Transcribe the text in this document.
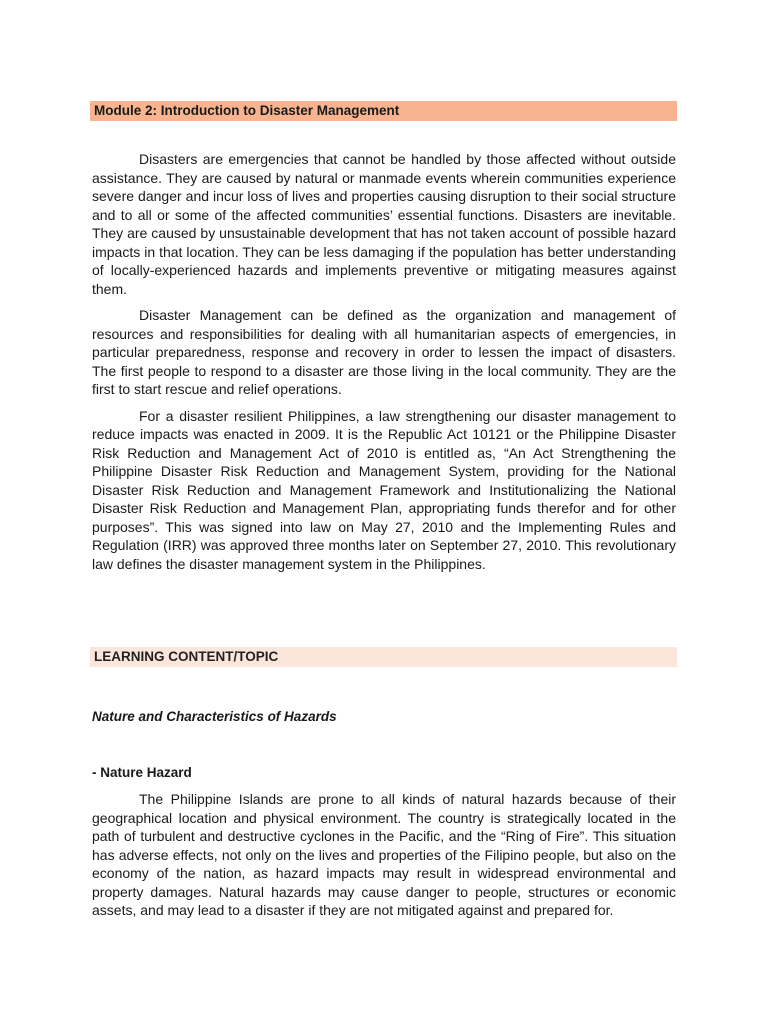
Module 2: Introduction to Disaster Management

Disasters are emergencies that cannot be handled by those affected without outside assistance. They are caused by natural or manmade events wherein communities experience severe danger and incur loss of lives and properties causing disruption to their social structure and to all or some of the affected communities’ essential functions. Disasters are inevitable. They are caused by unsustainable development that has not taken account of possible hazard impacts in that location. They can be less damaging if the population has better understanding of locally-experienced hazards and implements preventive or mitigating measures against them.

Disaster Management can be defined as the organization and management of resources and responsibilities for dealing with all humanitarian aspects of emergencies, in particular preparedness, response and recovery in order to lessen the impact of disasters. The first people to respond to a disaster are those living in the local community. They are the first to start rescue and relief operations.

For a disaster resilient Philippines, a law strengthening our disaster management to reduce impacts was enacted in 2009. It is the Republic Act 10121 or the Philippine Disaster Risk Reduction and Management Act of 2010 is entitled as, “An Act Strengthening the Philippine Disaster Risk Reduction and Management System, providing for the National Disaster Risk Reduction and Management Framework and Institutionalizing the National Disaster Risk Reduction and Management Plan, appropriating funds therefor and for other purposes”. This was signed into law on May 27, 2010 and the Implementing Rules and Regulation (IRR) was approved three months later on September 27, 2010. This revolutionary law defines the disaster management system in the Philippines.

LEARNING CONTENT/TOPIC
Nature and Characteristics of Hazards
- Nature Hazard

The Philippine Islands are prone to all kinds of natural hazards because of their geographical location and physical environment. The country is strategically located in the path of turbulent and destructive cyclones in the Pacific, and the “Ring of Fire”. This situation has adverse effects, not only on the lives and properties of the Filipino people, but also on the economy of the nation, as hazard impacts may result in widespread environmental and property damages. Natural hazards may cause danger to people, structures or economic assets, and may lead to a disaster if they are not mitigated against and prepared for.
